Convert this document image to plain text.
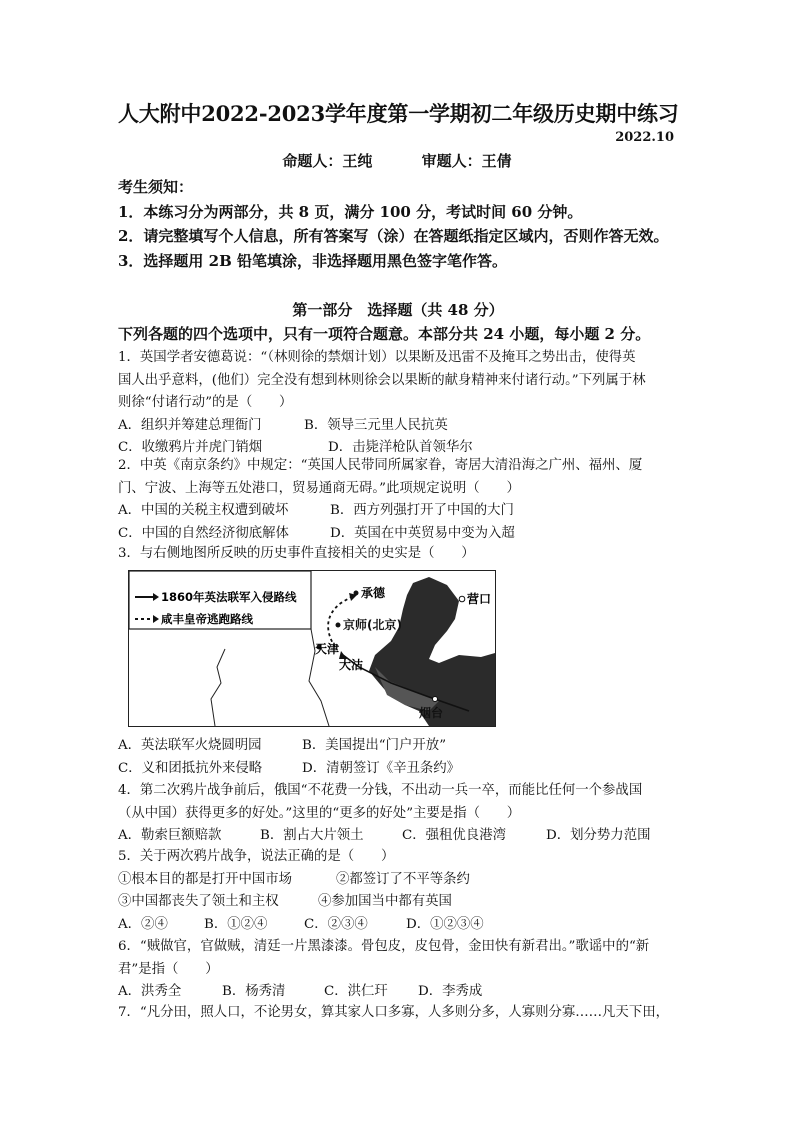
人大附中2022-2023学年度第一学期初二年级历史期中练习
2022.10
命题人：王纯	审题人：王倩
考生须知：
1．本练习分为两部分，共 8 页，满分 100 分，考试时间 60 分钟。
2．请完整填写个人信息，所有答案写（涂）在答题纸指定区域内，否则作答无效。
3．选择题用 2B 铅笔填涂，非选择题用黑色签字笔作答。
第一部分　选择题（共 48 分）
下列各题的四个选项中，只有一项符合题意。本部分共 24 小题，每小题 2 分。
1．英国学者安德葛说：“（林则徐的禁烟计划）以果断及迅雷不及掩耳之势出击，使得英
国人出乎意料，(他们）完全没有想到林则徐会以果断的献身精神来付诸行动。”下列属于林
则徐“付诸行动”的是（　　）
A．组织并筹建总理衙门	B．领导三元里人民抗英
C．收缴鸦片并虎门销烟	D．击毙洋枪队首领华尔
2．中英《南京条约》中规定：“英国人民带同所属家眷，寄居大清沿海之广州、福州、厦
门、宁波、上海等五处港口，贸易通商无碍。”此项规定说明（　　）
A．中国的关税主权遭到破坏	B．西方列强打开了中国的大门
C．中国的自然经济彻底解体	D．英国在中英贸易中变为入超
3．与右侧地图所反映的历史事件直接相关的史实是（　　）
1860年英法联军入侵路线
咸丰皇帝逃跑路线
承德
京师(北京)
天津
大沽
营口
烟台
A．英法联军火烧圆明园	B．美国提出“门户开放”
C．义和团抵抗外来侵略	D．清朝签订《辛丑条约》
4．第二次鸦片战争前后，俄国“不花费一分钱，不出动一兵一卒，而能比任何一个参战国
（从中国）获得更多的好处。”这里的“更多的好处”主要是指（　　）
A．勒索巨额赔款	B．割占大片领土	C．强租优良港湾	D．划分势力范围
5．关于两次鸦片战争，说法正确的是（　　）
①根本目的都是打开中国市场	②都签订了不平等条约
③中国都丧失了领土和主权	④参加国当中都有英国
A．②④	B．①②④	C．②③④	D．①②③④
6．“贼做官，官做贼，清廷一片黑漆漆。骨包皮，皮包骨，金田快有新君出。”歌谣中的“新
君”是指（　　）
A．洪秀全	B．杨秀清	C．洪仁玕	D．李秀成
7．“凡分田，照人口，不论男女，算其家人口多寡，人多则分多，人寡则分寡……凡天下田，
